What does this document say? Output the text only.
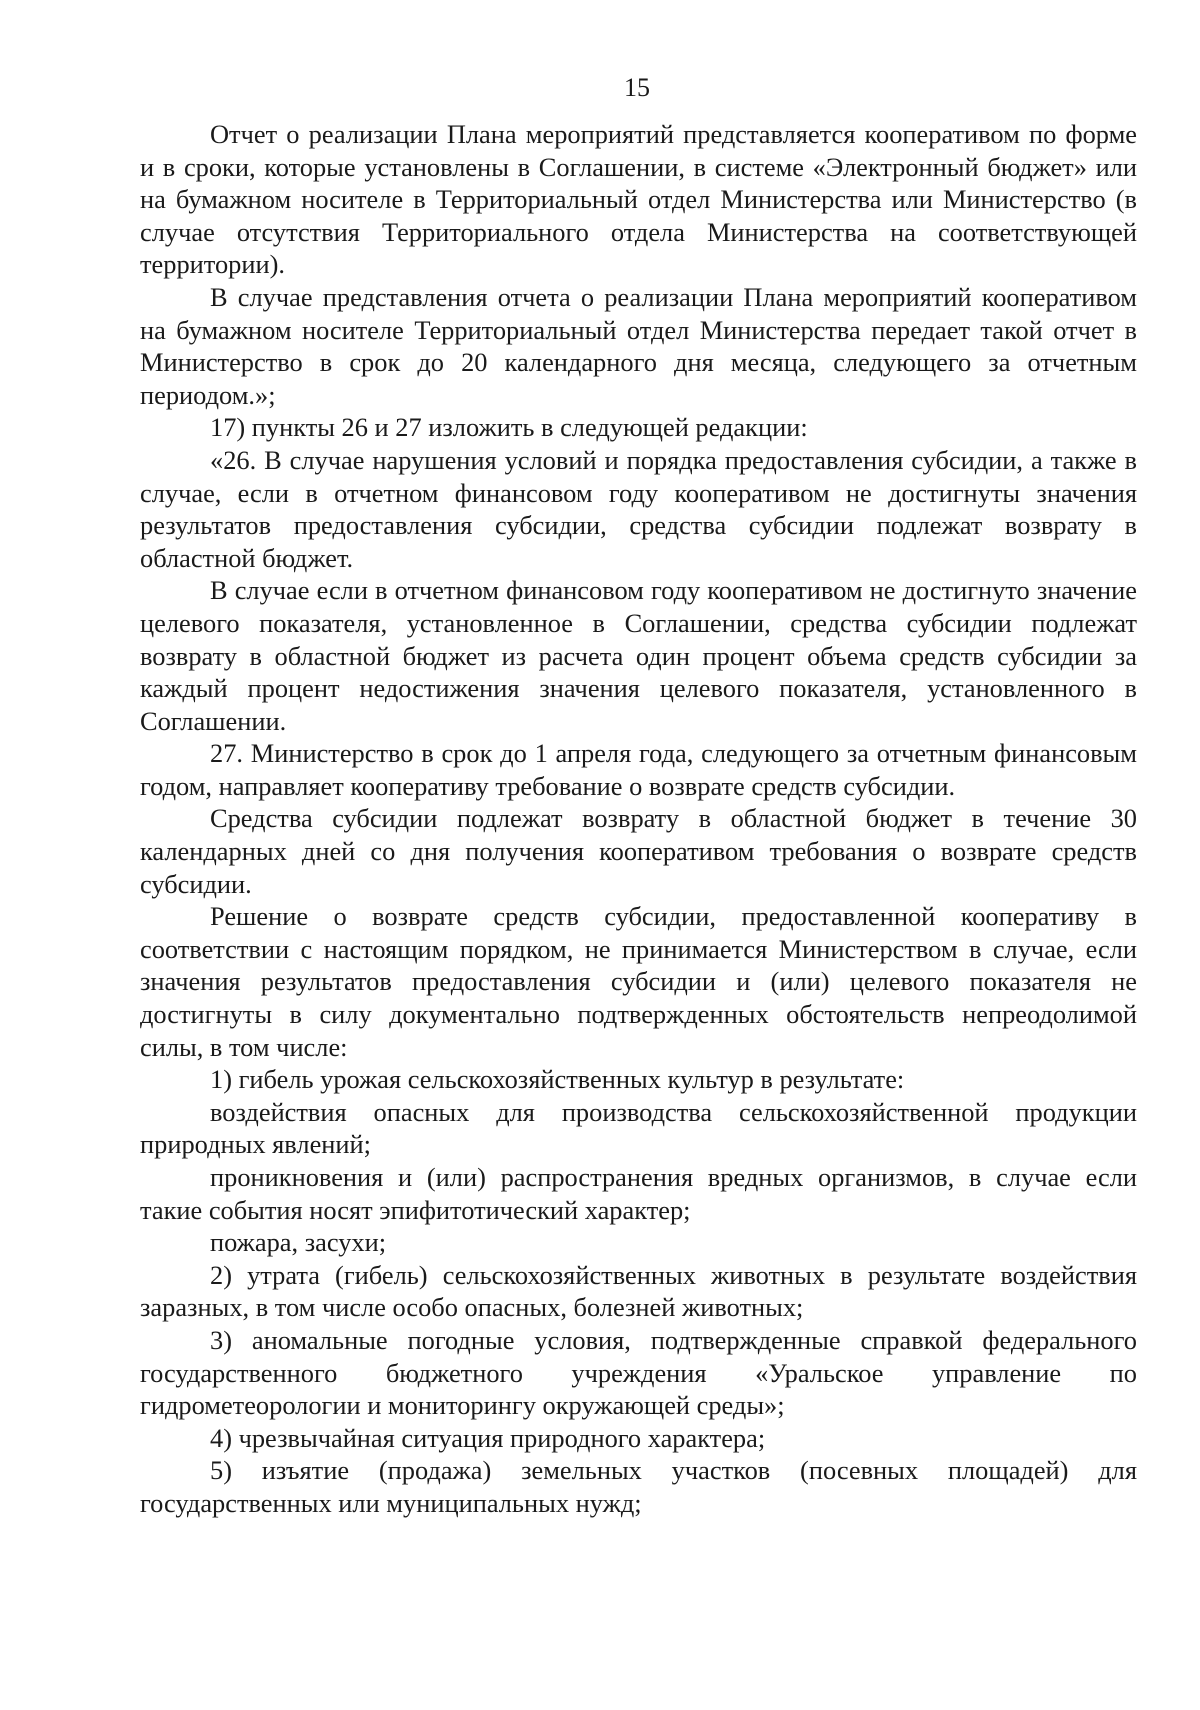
15

Отчет о реализации Плана мероприятий представляется кооперативом по форме и в сроки, которые установлены в Соглашении, в системе «Электронный бюджет» или на бумажном носителе в Территориальный отдел Министерства или Министерство (в случае отсутствия Территориального отдела Министерства на соответствующей территории).

В случае представления отчета о реализации Плана мероприятий кооперативом на бумажном носителе Территориальный отдел Министерства передает такой отчет в Министерство в срок до 20 календарного дня месяца, следующего за отчетным периодом.»;

17) пункты 26 и 27 изложить в следующей редакции:

«26. В случае нарушения условий и порядка предоставления субсидии, а также в случае, если в отчетном финансовом году кооперативом не достигнуты значения результатов предоставления субсидии, средства субсидии подлежат возврату в областной бюджет.

В случае если в отчетном финансовом году кооперативом не достигнуто значение целевого показателя, установленное в Соглашении, средства субсидии подлежат возврату в областной бюджет из расчета один процент объема средств субсидии за каждый процент недостижения значения целевого показателя, установленного в Соглашении.

27. Министерство в срок до 1 апреля года, следующего за отчетным финансовым годом, направляет кооперативу требование о возврате средств субсидии.

Средства субсидии подлежат возврату в областной бюджет в течение 30 календарных дней со дня получения кооперативом требования о возврате средств субсидии.

Решение о возврате средств субсидии, предоставленной кооперативу в соответствии с настоящим порядком, не принимается Министерством в случае, если значения результатов предоставления субсидии и (или) целевого показателя не достигнуты в силу документально подтвержденных обстоятельств непреодолимой силы, в том числе:

1) гибель урожая сельскохозяйственных культур в результате:

воздействия опасных для производства сельскохозяйственной продукции природных явлений;

проникновения и (или) распространения вредных организмов, в случае если такие события носят эпифитотический характер;

пожара, засухи;

2) утрата (гибель) сельскохозяйственных животных в результате воздействия заразных, в том числе особо опасных, болезней животных;

3) аномальные погодные условия, подтвержденные справкой федерального государственного бюджетного учреждения «Уральское управление по гидрометеорологии и мониторингу окружающей среды»;

4) чрезвычайная ситуация природного характера;

5) изъятие (продажа) земельных участков (посевных площадей) для государственных или муниципальных нужд;
